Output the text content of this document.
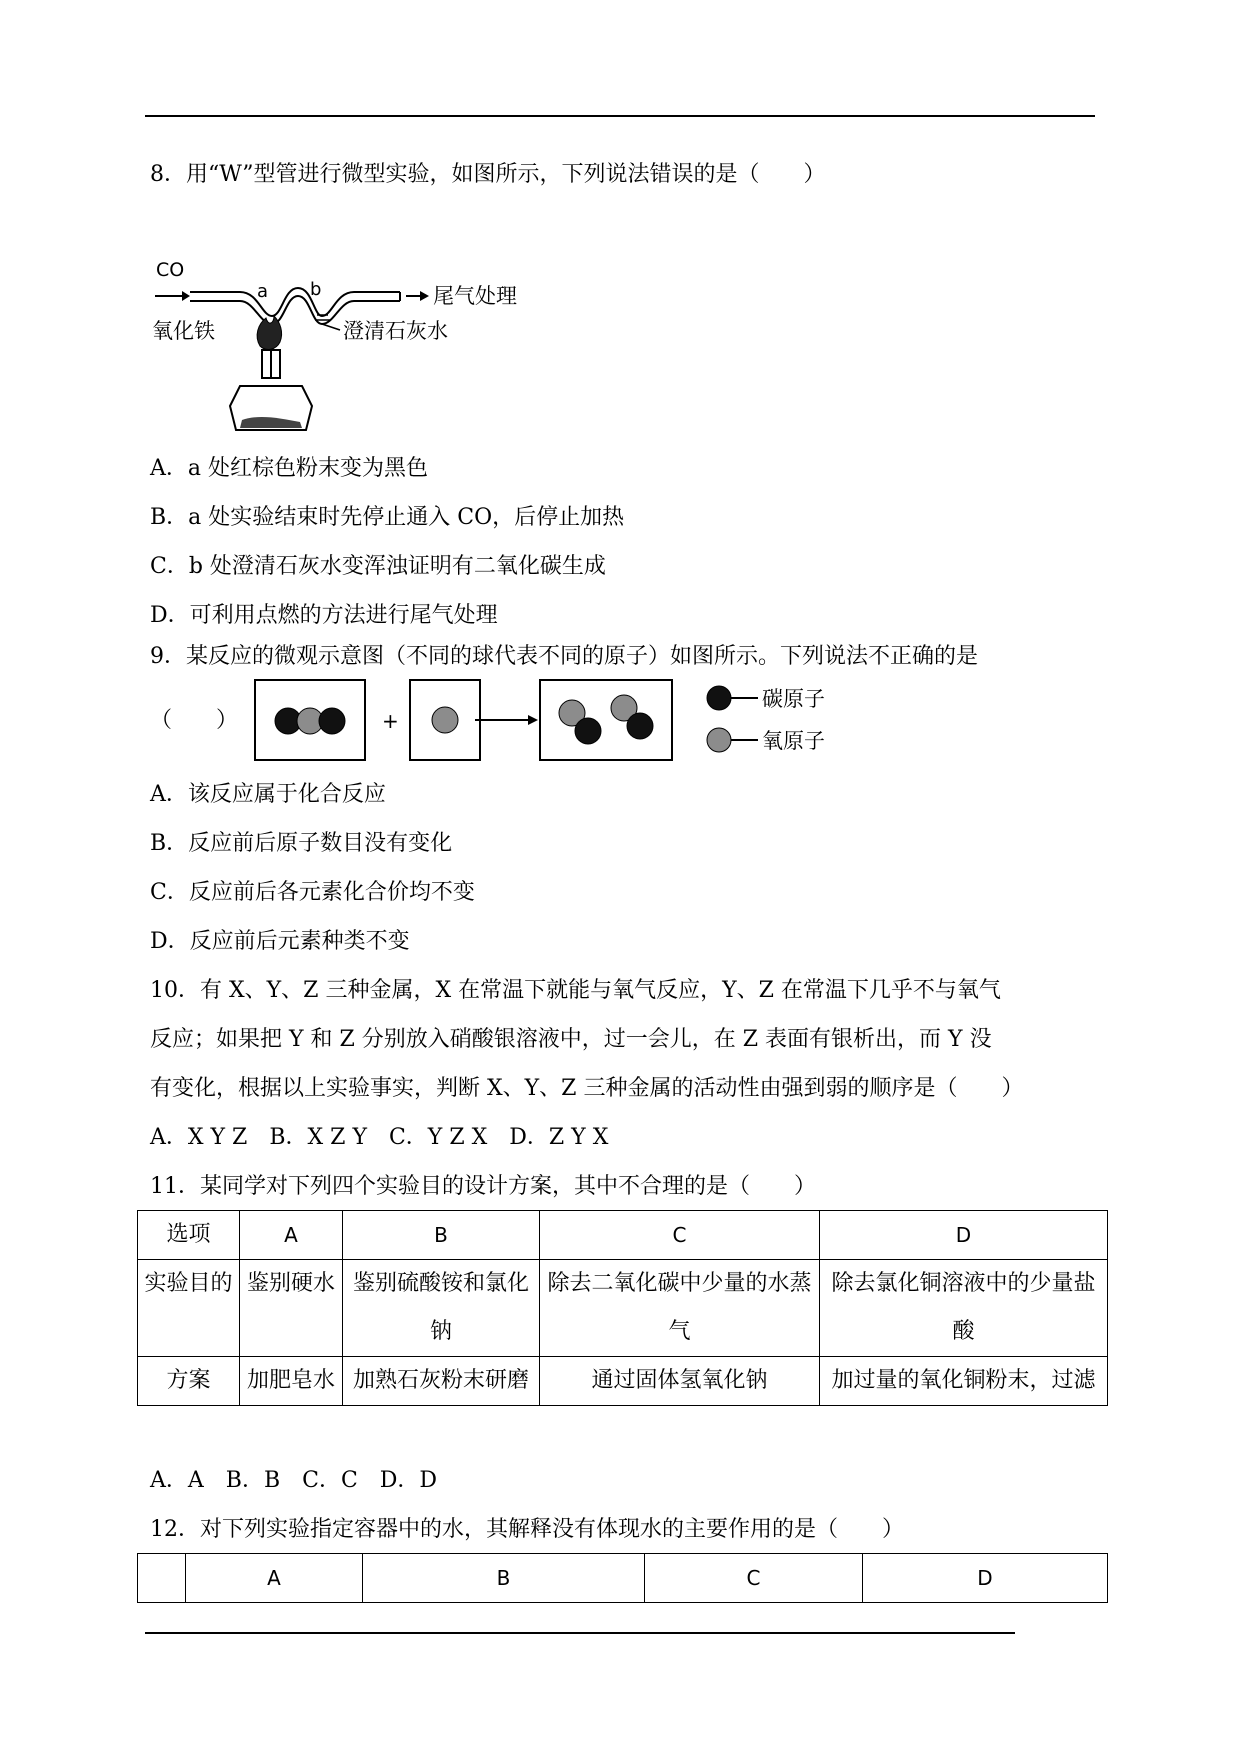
8．用“W”型管进行微型实验，如图所示，下列说法错误的是（　　）
CO
a b	尾气处理
氧化铁	澄清石灰水
A．a 处红棕色粉末变为黑色
B．a 处实验结束时先停止通入 CO，后停止加热
C．b 处澄清石灰水变浑浊证明有二氧化碳生成
D．可利用点燃的方法进行尾气处理
9．某反应的微观示意图（不同的球代表不同的原子）如图所示。下列说法不正确的是
（　　）	+
碳原子
氧原子
A．该反应属于化合反应
B．反应前后原子数目没有变化
C．反应前后各元素化合价均不变
D．反应前后元素种类不变
10．有 X、Y、Z 三种金属，X 在常温下就能与氧气反应，Y、Z 在常温下几乎不与氧气
反应；如果把 Y 和 Z 分别放入硝酸银溶液中，过一会儿，在 Z 表面有银析出，而 Y 没
有变化，根据以上实验事实，判断 X、Y、Z 三种金属的活动性由强到弱的顺序是（　　）
A．X Y Z　B．X Z Y　C．Y Z X　D．Z Y X
11．某同学对下列四个实验目的设计方案，其中不合理的是（　　）
选项	A	B	C	D
实验目的	鉴别硬水	鉴别硫酸铵和氯化钠	除去二氧化碳中少量的水蒸气	除去氯化铜溶液中的少量盐酸
方案	加肥皂水	加熟石灰粉末研磨	通过固体氢氧化钠	加过量的氧化铜粉末，过滤
A．A　B．B　C．C　D．D
12．对下列实验指定容器中的水，其解释没有体现水的主要作用的是（　　）
	A	B	C	D
